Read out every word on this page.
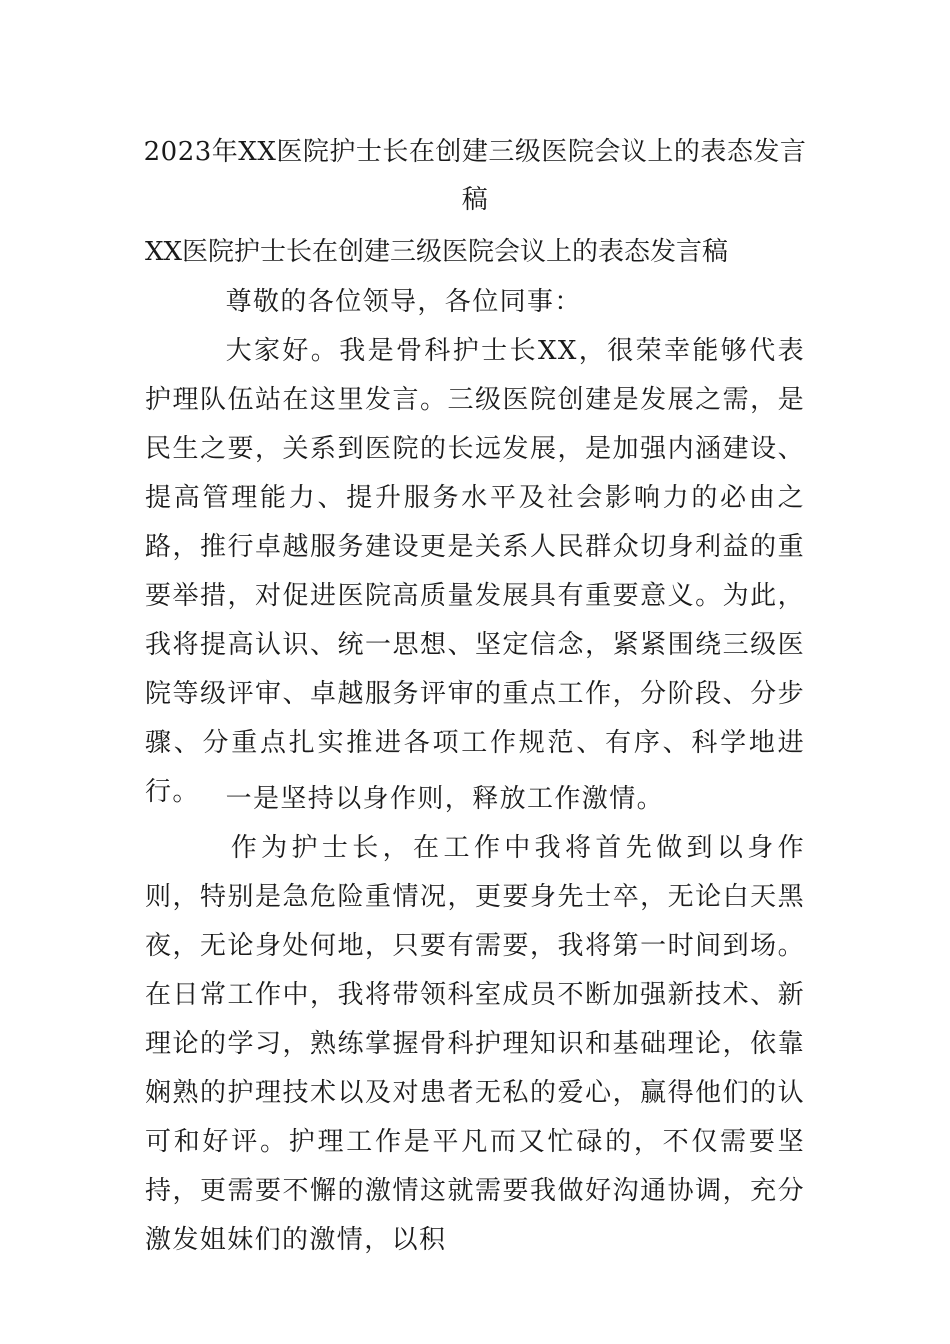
2023年XX医院护士长在创建三级医院会议上的表态发言稿
XX医院护士长在创建三级医院会议上的表态发言稿

尊敬的各位领导，各位同事：

大家好。我是骨科护士长XX，很荣幸能够代表护理队伍站在这里发言。三级医院创建是发展之需，是民生之要，关系到医院的长远发展，是加强内涵建设、提高管理能力、提升服务水平及社会影响力的必由之路，推行卓越服务建设更是关系人民群众切身利益的重要举措，对促进医院高质量发展具有重要意义。为此，我将提高认识、统一思想、坚定信念，紧紧围绕三级医院等级评审、卓越服务评审的重点工作，分阶段、分步骤、分重点扎实推进各项工作规范、有序、科学地进行。 一是坚持以身作则，释放工作激情。

作为护士长，在工作中我将首先做到以身作则，特别是急危险重情况，更要身先士卒，无论白天黑夜，无论身处何地，只要有需要，我将第一时间到场。在日常工作中，我将带领科室成员不断加强新技术、新理论的学习，熟练掌握骨科护理知识和基础理论，依靠娴熟的护理技术以及对患者无私的爱心，赢得他们的认可和好评。护理工作是平凡而又忙碌的，不仅需要坚持，更需要不懈的激情这就需要我做好沟通协调，充分激发姐妹们的激情，以积
